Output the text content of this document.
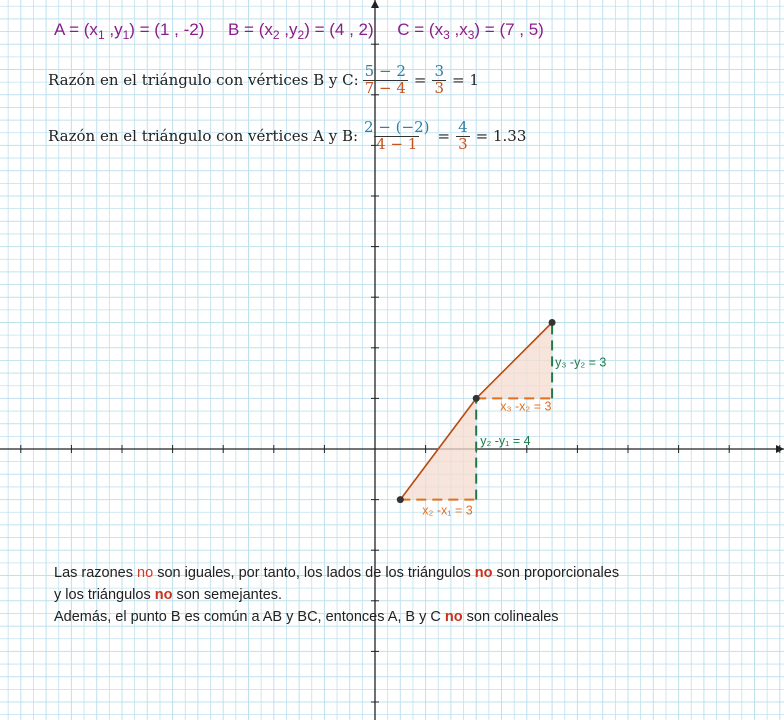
x₂ -x₁ = 3
y₂ -y₁ = 4
x₃ -x₂ = 3
y₃ -y₂ = 3
$A = (x_1$ $,y_1) = (1$ , -2) $B = (x_2$ $,y_2) = (4$ , 2) $C = (x_3$ $,x_3) = (7$ , 5)
Razón en el triángulo con vértices B y C: $\frac{5 - 2}{7 - 4} = \frac{3}{3} = 1$
Razón en el triángulo con vértices A y B: $\frac{2 - (-2)}{4 - 1} = \frac{4}{3} = 1.33$
Las razones no son iguales, por tanto, los lados de los triángulos no son proporcionales
y los triángulos no son semejantes.
Además, el punto B es común a AB y BC, entonces A, B y C no son colineales
